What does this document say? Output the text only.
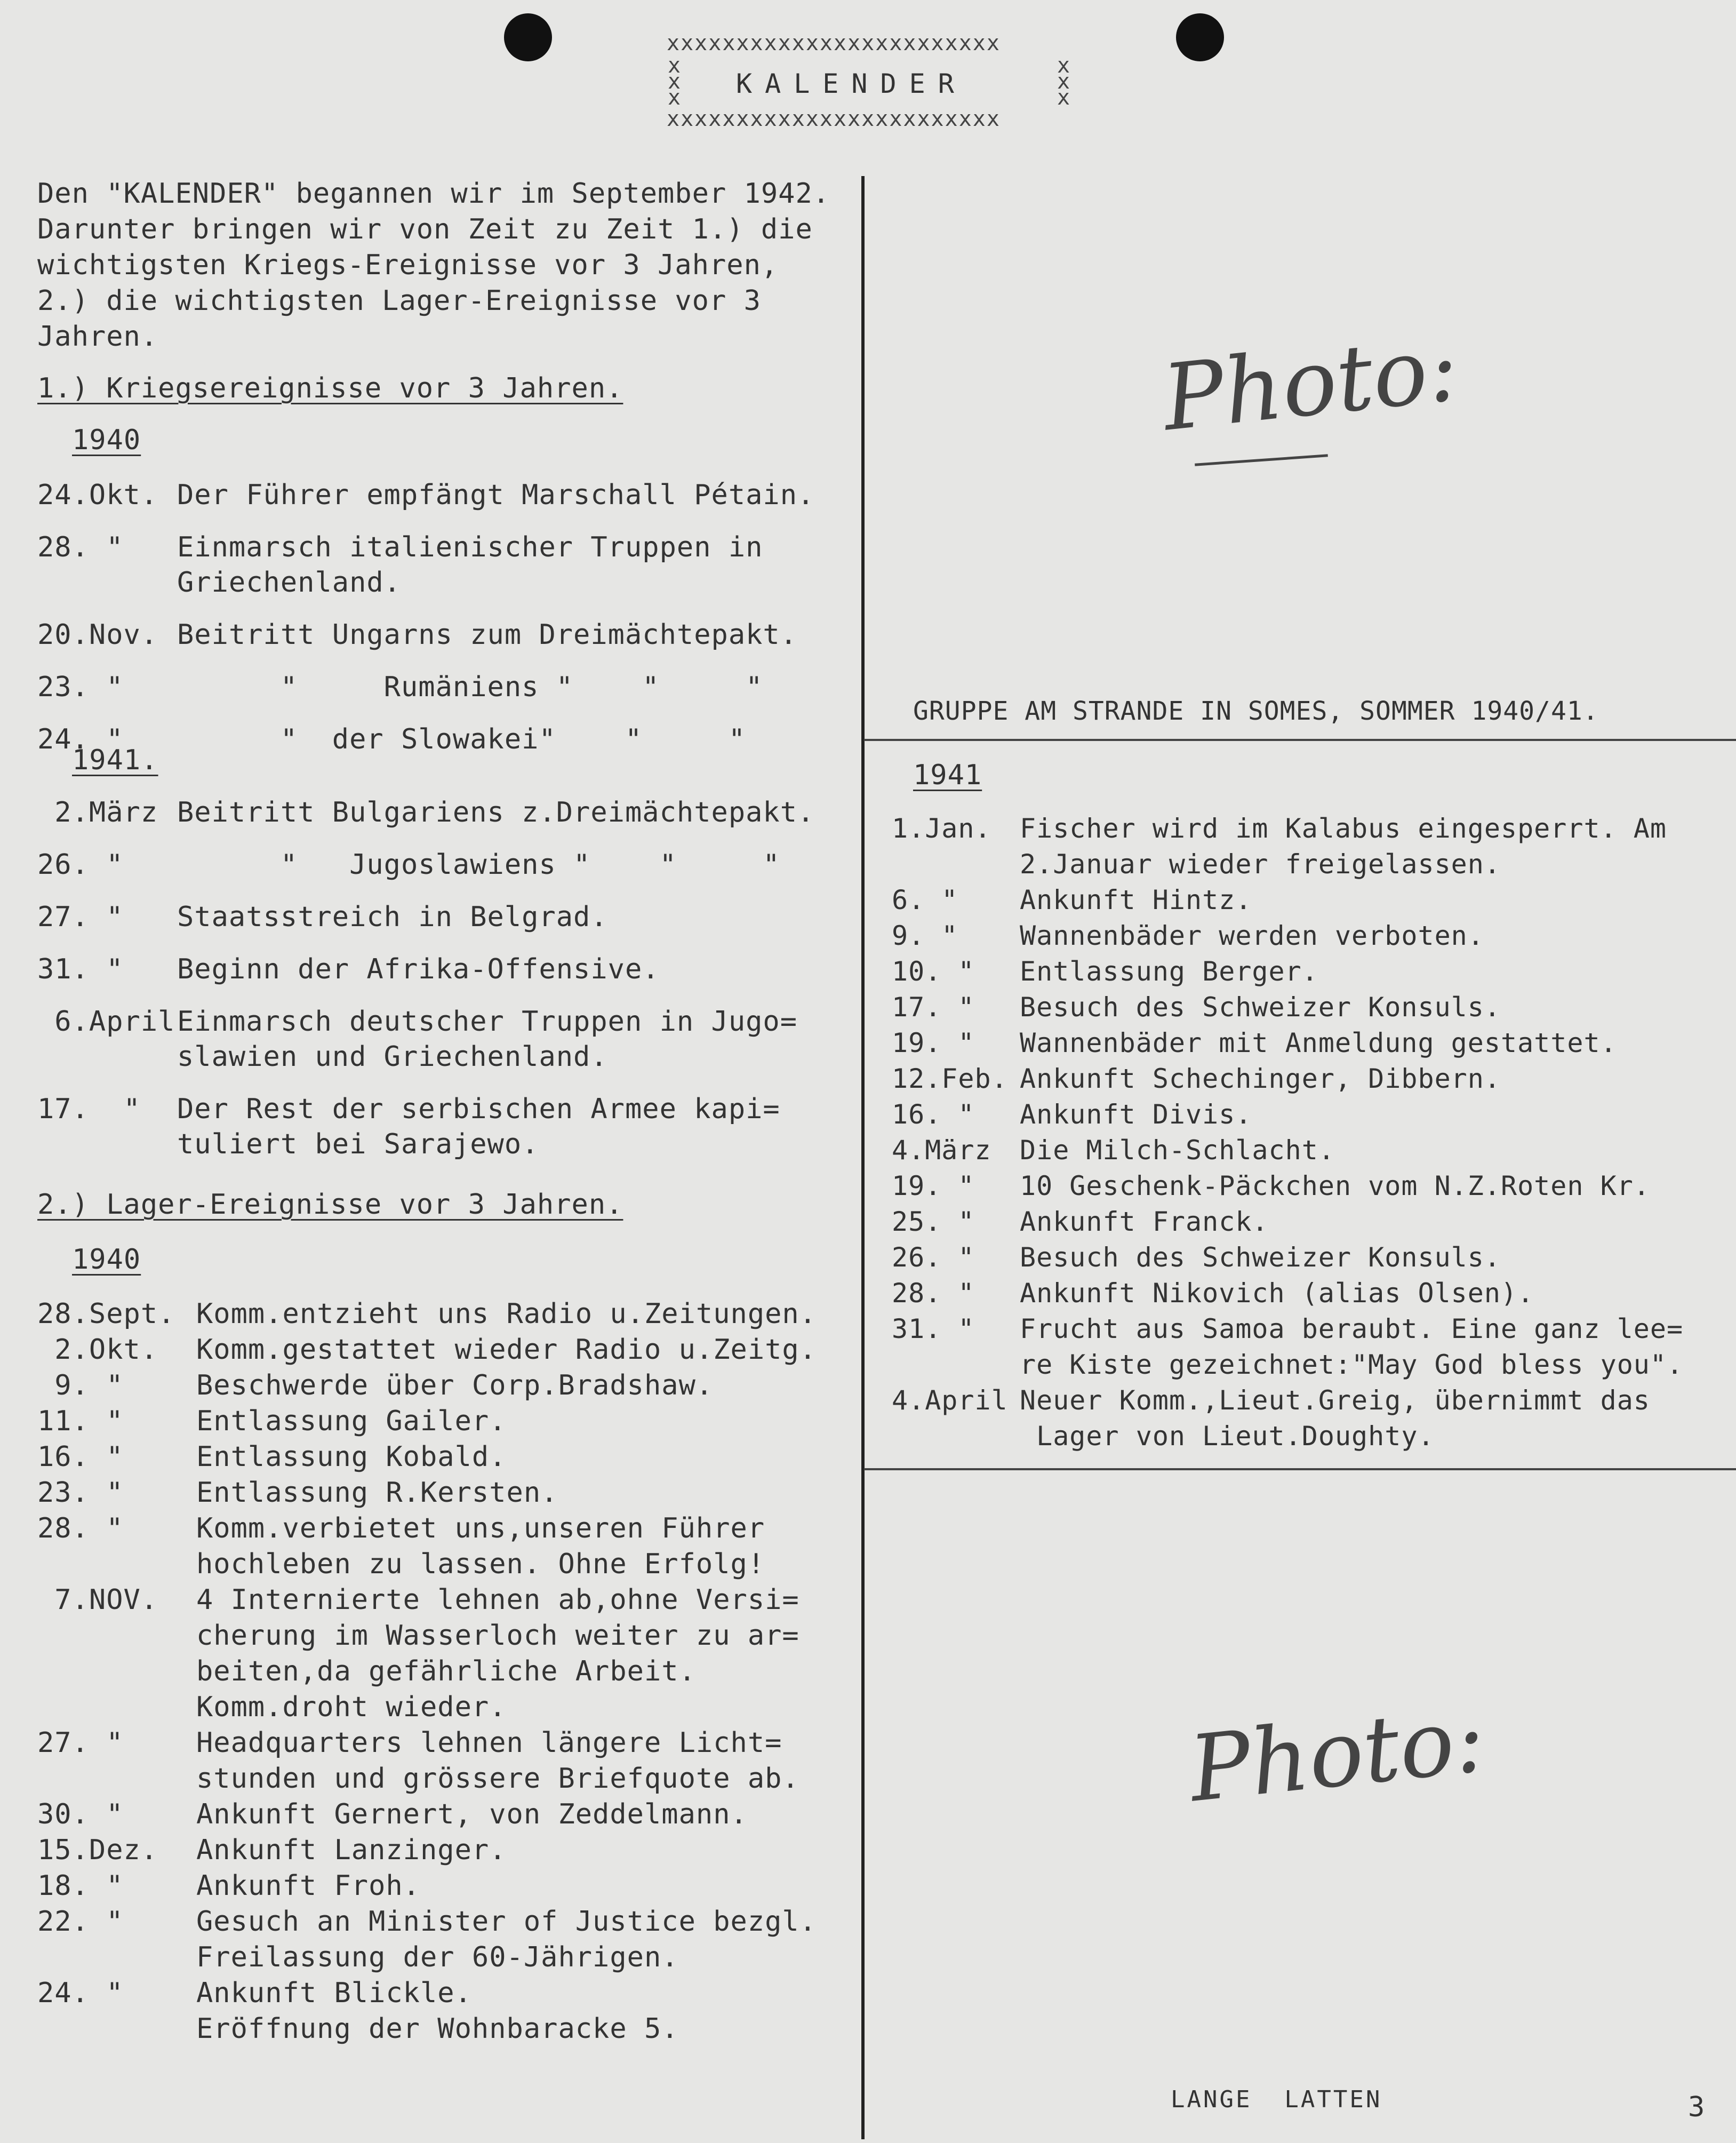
xxxxxxxxxxxxxxxxxxxxxxxx
x
x
x
x
x
x
KALENDER
xxxxxxxxxxxxxxxxxxxxxxxx
Den "KALENDER" begannen wir im September 1942.
Darunter bringen wir von Zeit zu Zeit 1.) die
wichtigsten Kriegs-Ereignisse vor 3 Jahren,
2.) die wichtigsten Lager-Ereignisse vor 3
Jahren.
1.) Kriegsereignisse vor 3 Jahren.
1940
24.Okt. Der Führer empfängt Marschall Pétain.
28. "	Einmarsch italienischer Truppen in
Griechenland.
20.Nov. Beitritt Ungarns zum Dreimächtepakt.
23. "	"     Rumäniens "    "     "
24. "	"  der Slowakei"    "     "
1941.
2.März Beitritt Bulgariens z.Dreimächtepakt.
26. "	"   Jugoslawiens "    "     "
27. "	Staatsstreich in Belgrad.
31. "	Beginn der Afrika-Offensive.
6.April Einmarsch deutscher Truppen in Jugo=
slawien und Griechenland.
17.  "	Der Rest der serbischen Armee kapi=
tuliert bei Sarajewo.
2.) Lager-Ereignisse vor 3 Jahren.
1940
28.Sept. Komm.entzieht uns Radio u.Zeitungen.
2.Okt.	Komm.gestattet wieder Radio u.Zeitg.
9. "	Beschwerde über Corp.Bradshaw.
11. "	Entlassung Gailer.
16. "	Entlassung Kobald.
23. "	Entlassung R.Kersten.
28. "	Komm.verbietet uns,unseren Führer
hochleben zu lassen. Ohne Erfolg!
7.NOV.	4 Internierte lehnen ab,ohne Versi=
cherung im Wasserloch weiter zu ar=
beiten,da gefährliche Arbeit.
Komm.droht wieder.
27. "	Headquarters lehnen längere Licht=
stunden und grössere Briefquote ab.
30. "	Ankunft Gernert, von Zeddelmann.
15.Dez.	Ankunft Lanzinger.
18. "	Ankunft Froh.
22. "	Gesuch an Minister of Justice bezgl.
Freilassung der 60-Jährigen.
24. "	Ankunft Blickle.
Eröffnung der Wohnbaracke 5.
Photo:
GRUPPE AM STRANDE IN SOMES, SOMMER 1940/41.
1941
1.Jan.	Fischer wird im Kalabus eingesperrt. Am
2.Januar wieder freigelassen.
6. "	Ankunft Hintz.
9. "	Wannenbäder werden verboten.
10. "	Entlassung Berger.
17. "	Besuch des Schweizer Konsuls.
19. "	Wannenbäder mit Anmeldung gestattet.
12.Feb. Ankunft Schechinger, Dibbern.
16. "	Ankunft Divis.
4.März	Die Milch-Schlacht.
19. "	10 Geschenk-Päckchen vom N.Z.Roten Kr.
25. "	Ankunft Franck.
26. "	Besuch des Schweizer Konsuls.
28. "	Ankunft Nikovich (alias Olsen).
31. "	Frucht aus Samoa beraubt. Eine ganz lee=
re Kiste gezeichnet:"May God bless you".
4.April Neuer Komm.,Lieut.Greig, übernimmt das
Lager von Lieut.Doughty.
Photo:
LANGE  LATTEN	3
